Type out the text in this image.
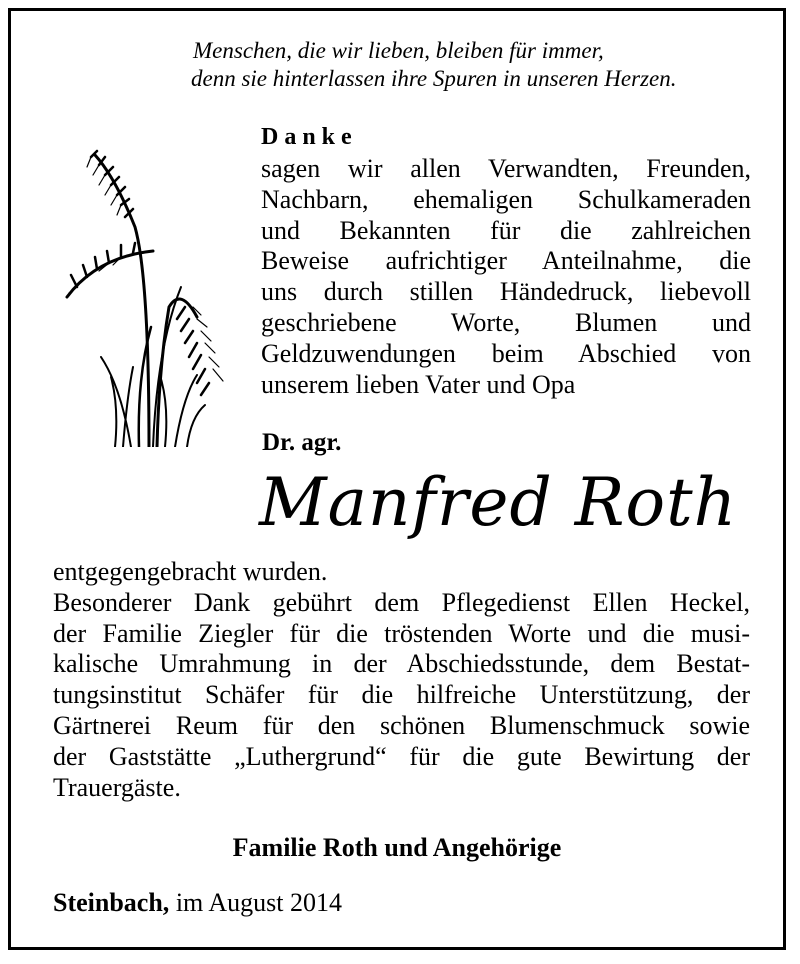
Menschen, die wir lieben, bleiben für immer,
denn sie hinterlassen ihre Spuren in unseren Herzen.
Danke
sagen wir allen Verwandten, Freunden,
Nachbarn, ehemaligen Schulkameraden
und Bekannten für die zahlreichen
Beweise aufrichtiger Anteilnahme, die
uns durch stillen Händedruck, liebevoll
geschriebene Worte, Blumen und
Geldzuwendungen beim Abschied von
unserem lieben Vater und Opa
Dr. agr.
Manfred Roth
entgegengebracht wurden.
Besonderer Dank gebührt dem Pflegedienst Ellen Heckel,
der Familie Ziegler für die tröstenden Worte und die musi-
kalische Umrahmung in der Abschiedsstunde, dem Bestat-
tungsinstitut Schäfer für die hilfreiche Unterstützung, der
Gärtnerei Reum für den schönen Blumenschmuck sowie
der Gaststätte „Luthergrund“ für die gute Bewirtung der
Trauergäste.
Familie Roth und Angehörige
Steinbach, im August 2014
